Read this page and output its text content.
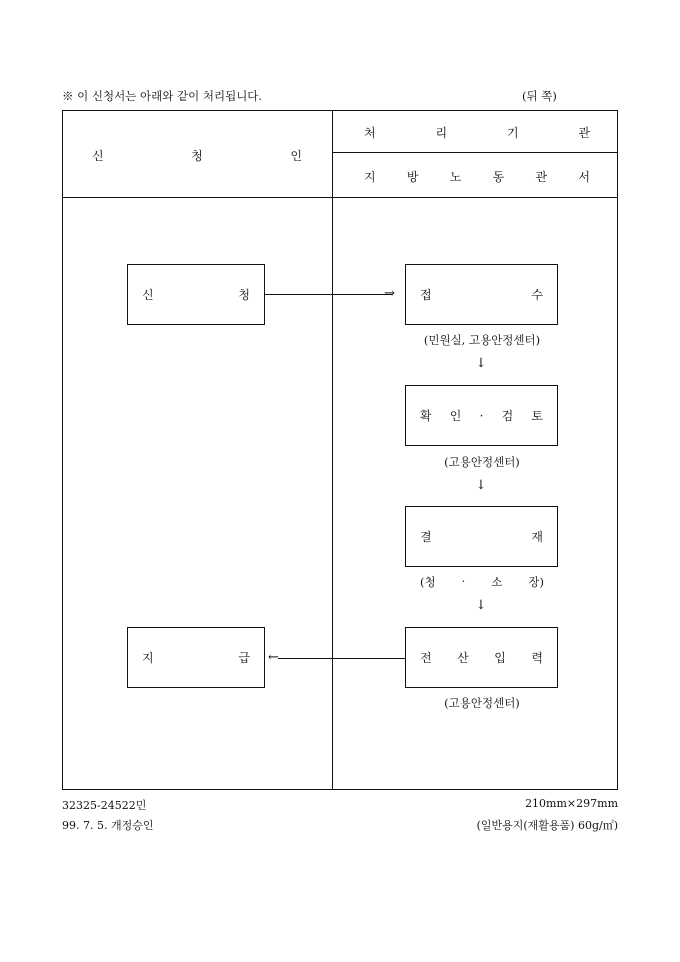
※ 이 신청서는 아래와 같이 처리됩니다.	(뒤 쪽)
신	청	인
처	리	기	관
지	방	노	동	관	서
신	청	→ 접	수
(민원실, 고용안정센터)
↓
확 인 · 검 토
(고용안정센터)
↓
결	재
(청 · 소 장)
↓
전 산 입 력
(고용안정센터)
←
지	급
32325-24522민
99. 7. 5. 개정승인
210mm×297mm
(일반용지(재활용품) 60g/㎡)
